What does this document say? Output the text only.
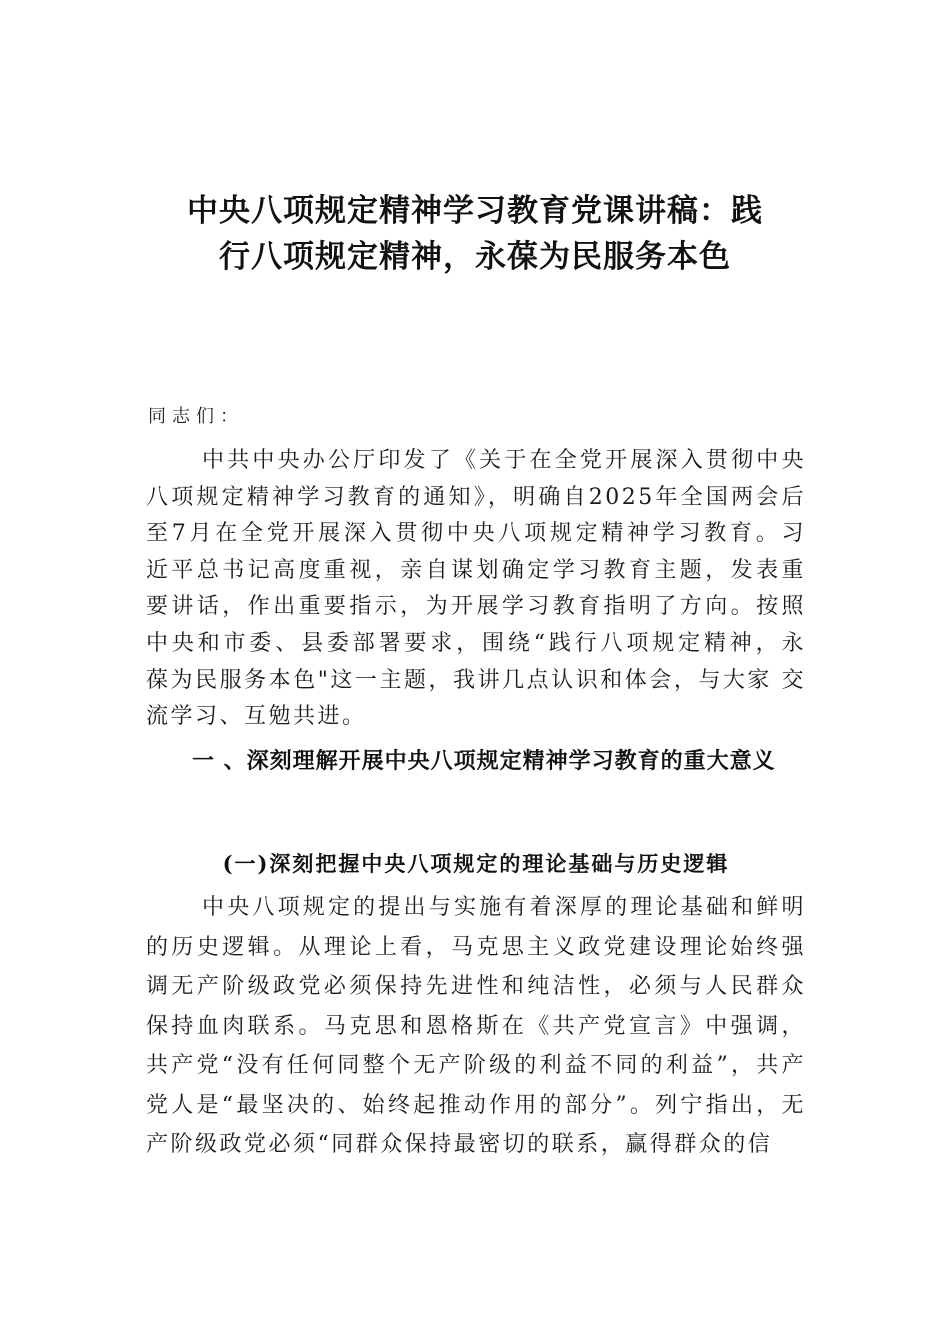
中央八项规定精神学习教育党课讲稿：践
行八项规定精神，永葆为民服务本色
同志们：
中共中央办公厅印发了《关于在全党开展深入贯彻中央八项规定精神学习教育的通知》，明确自2025年全国两会后 至7月在全党开展深入贯彻中央八项规定精神学习教育。习 近平总书记高度重视，亲自谋划确定学习教育主题，发表重 要讲话，作出重要指示，为开展学习教育指明了方向。按照 中央和市委、县委部署要求，围绕“践行八项规定精神，永 葆为民服务本色"这一主题，我讲几点认识和体会，与大家 交流学习、互勉共进。
一 、深刻理解开展中央八项规定精神学习教育的重大意义
(一)深刻把握中央八项规定的理论基础与历史逻辑
中央八项规定的提出与实施有着深厚的理论基础和鲜明的历史逻辑。从理论上看，马克思主义政党建设理论始终强调无产阶级政党必须保持先进性和纯洁性，必须与人民群众保持血肉联系。马克思和恩格斯在《共产党宣言》中强调，共产党“没有任何同整个无产阶级的利益不同的利益”，共产党人是“最坚决的、始终起推动作用的部分”。列宁指出，无产阶级政党必须“同群众保持最密切的联系，赢得群众的信
